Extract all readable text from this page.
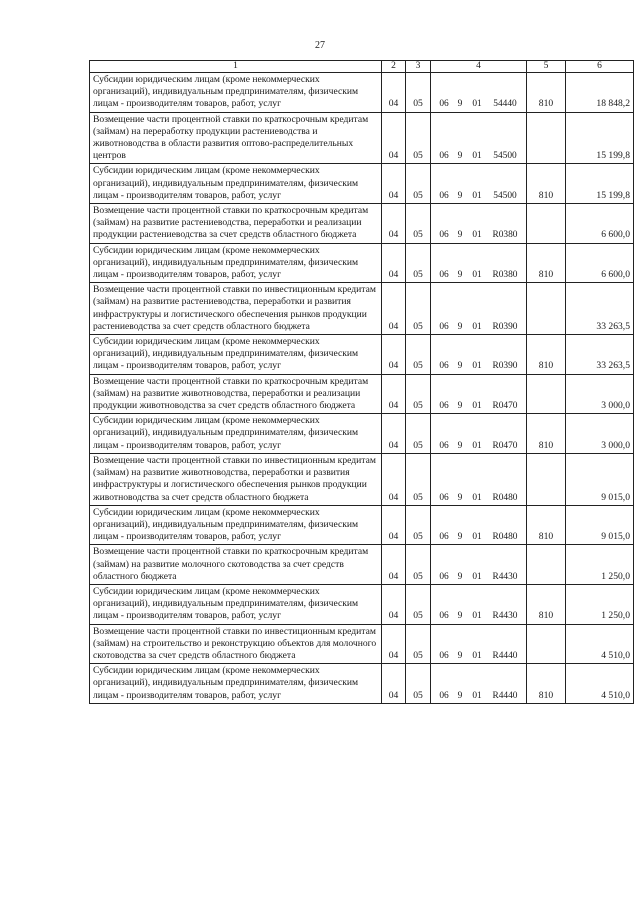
27
1	2	3	4	5	6
Субсидии юридическим лицам (кроме некоммерческих организаций), индивидуальным предпринимателям, физическим лицам - производителям товаров, работ, услуг	04	05	06 9 01 54440	810	18 848,2
Возмещение части процентной ставки по краткосрочным кредитам (займам) на переработку продукции растениеводства и животноводства в области развития оптово-распределительных центров	04	05	06 9 01 54500		15 199,8
Субсидии юридическим лицам (кроме некоммерческих организаций), индивидуальным предпринимателям, физическим лицам - производителям товаров, работ, услуг	04	05	06 9 01 54500	810	15 199,8
Возмещение части процентной ставки по краткосрочным кредитам (займам) на развитие растениеводства, переработки и реализации продукции растениеводства за счет средств областного бюджета	04	05	06 9 01 R0380		6 600,0
Субсидии юридическим лицам (кроме некоммерческих организаций), индивидуальным предпринимателям, физическим лицам - производителям товаров, работ, услуг	04	05	06 9 01 R0380	810	6 600,0
Возмещение части процентной ставки по инвестиционным кредитам (займам) на развитие растениеводства, переработки и развития инфраструктуры и логистического обеспечения рынков продукции растениеводства за счет средств областного бюджета	04	05	06 9 01 R0390		33 263,5
Субсидии юридическим лицам (кроме некоммерческих организаций), индивидуальным предпринимателям, физическим лицам - производителям товаров, работ, услуг	04	05	06 9 01 R0390	810	33 263,5
Возмещение части процентной ставки по краткосрочным кредитам (займам) на развитие животноводства, переработки и реализации продукции животноводства за счет средств областного бюджета	04	05	06 9 01 R0470		3 000,0
Субсидии юридическим лицам (кроме некоммерческих организаций), индивидуальным предпринимателям, физическим лицам - производителям товаров, работ, услуг	04	05	06 9 01 R0470	810	3 000,0
Возмещение части процентной ставки по инвестиционным кредитам (займам) на развитие животноводства, переработки и развития инфраструктуры и логистического обеспечения рынков продукции животноводства за счет средств областного бюджета	04	05	06 9 01 R0480		9 015,0
Субсидии юридическим лицам (кроме некоммерческих организаций), индивидуальным предпринимателям, физическим лицам - производителям товаров, работ, услуг	04	05	06 9 01 R0480	810	9 015,0
Возмещение части процентной ставки по краткосрочным кредитам (займам) на развитие молочного скотоводства за счет средств областного бюджета	04	05	06 9 01 R4430		1 250,0
Субсидии юридическим лицам (кроме некоммерческих организаций), индивидуальным предпринимателям, физическим лицам - производителям товаров, работ, услуг	04	05	06 9 01 R4430	810	1 250,0
Возмещение части процентной ставки по инвестиционным кредитам (займам) на строительство и реконструкцию объектов для молочного скотоводства за счет средств областного бюджета	04	05	06 9 01 R4440		4 510,0
Субсидии юридическим лицам (кроме некоммерческих организаций), индивидуальным предпринимателям, физическим лицам - производителям товаров, работ, услуг	04	05	06 9 01 R4440	810	4 510,0
